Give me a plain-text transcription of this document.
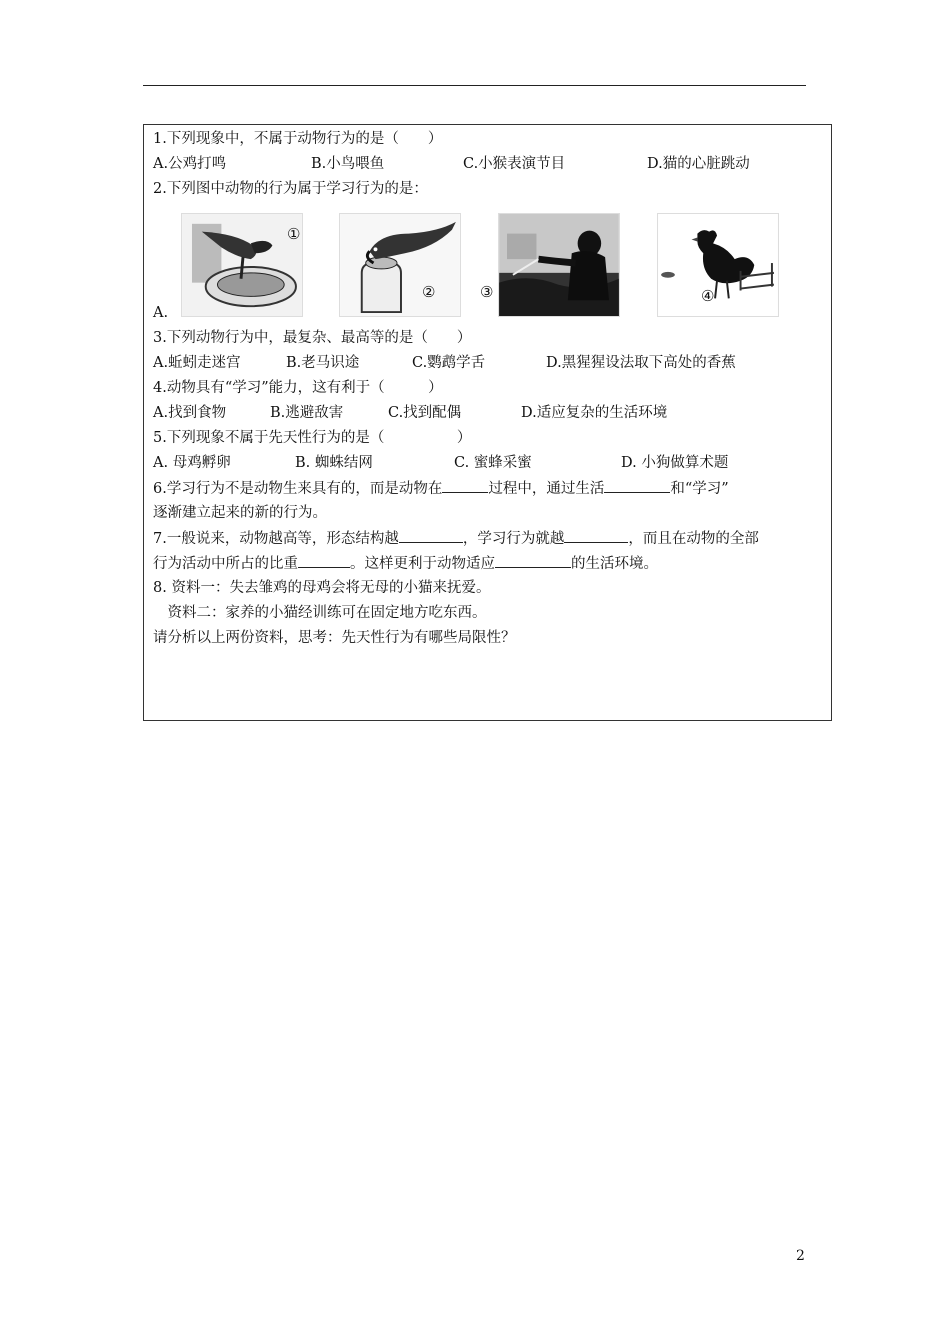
1.下列现象中，不属于动物行为的是（　　）
A.公鸡打鸣	B.小鸟喂鱼	C.小猴表演节目	D.猫的心脏跳动
2.下列图中动物的行为属于学习行为的是：
①
②	③	④
A.
3.下列动物行为中，最复杂、最高等的是（　　）
A.蚯蚓走迷宫	B.老马识途	C.鹦鹉学舌	D.黑猩猩设法取下高处的香蕉
4.动物具有“学习”能力，这有利于（　　　）
A.找到食物	B.逃避敌害	C.找到配偶	D.适应复杂的生活环境
5.下列现象不属于先天性行为的是（　　　　　）
A. 母鸡孵卵	B. 蜘蛛结网	C. 蜜蜂采蜜	D. 小狗做算术题
6.学习行为不是动物生来具有的，而是动物在	过程中，通过生活	和“学习”
逐渐建立起来的新的行为。
7.一般说来，动物越高等，形态结构越	，学习行为就越	，而且在动物的全部
行为活动中所占的比重	。这样更利于动物适应	的生活环境。
8. 资料一：失去雏鸡的母鸡会将无母的小猫来抚爱。
　资料二：家养的小猫经训练可在固定地方吃东西。
请分析以上两份资料，思考：先天性行为有哪些局限性？
2
